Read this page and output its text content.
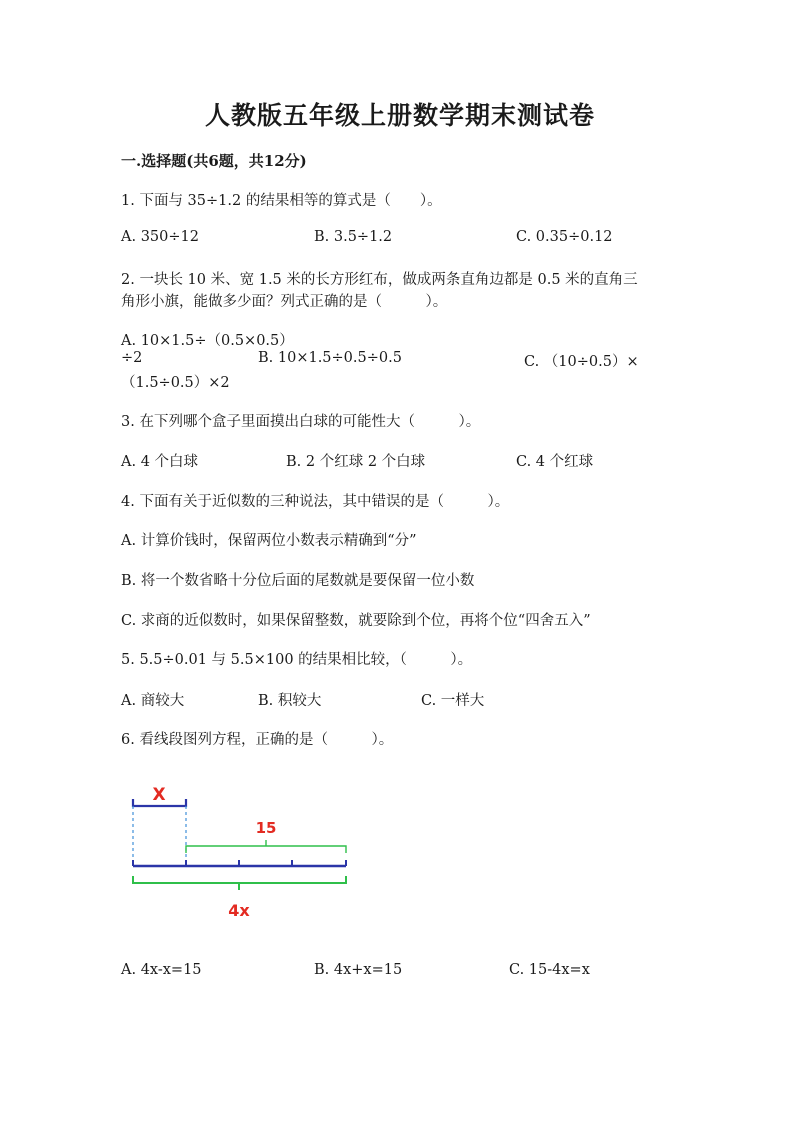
人教版五年级上册数学期末测试卷
一.选择题(共6题，共12分)
1. 下面与 35÷1.2 的结果相等的算式是（　　）。
A. 350÷12	B. 3.5÷1.2	C. 0.35÷0.12
2. 一块长 10 米、宽 1.5 米的长方形红布，做成两条直角边都是 0.5 米的直角三
角形小旗，能做多少面？列式正确的是（　　　）。
A. 10×1.5÷（0.5×0.5）
÷2	B. 10×1.5÷0.5÷0.5	C. （10÷0.5）×
（1.5÷0.5）×2
3. 在下列哪个盒子里面摸出白球的可能性大（　　　）。
A. 4 个白球	B. 2 个红球 2 个白球	C. 4 个红球
4. 下面有关于近似数的三种说法，其中错误的是（　　　）。
A. 计算价钱时，保留两位小数表示精确到“分”
B. 将一个数省略十分位后面的尾数就是要保留一位小数
C. 求商的近似数时，如果保留整数，就要除到个位，再将个位“四舍五入”
5. 5.5÷0.01 与 5.5×100 的结果相比较，（　　　）。
A. 商较大	B. 积较大	C. 一样大
6. 看线段图列方程，正确的是（　　　）。
X
15
4x
A. 4x-x=15	B. 4x+x=15	C. 15-4x=x
